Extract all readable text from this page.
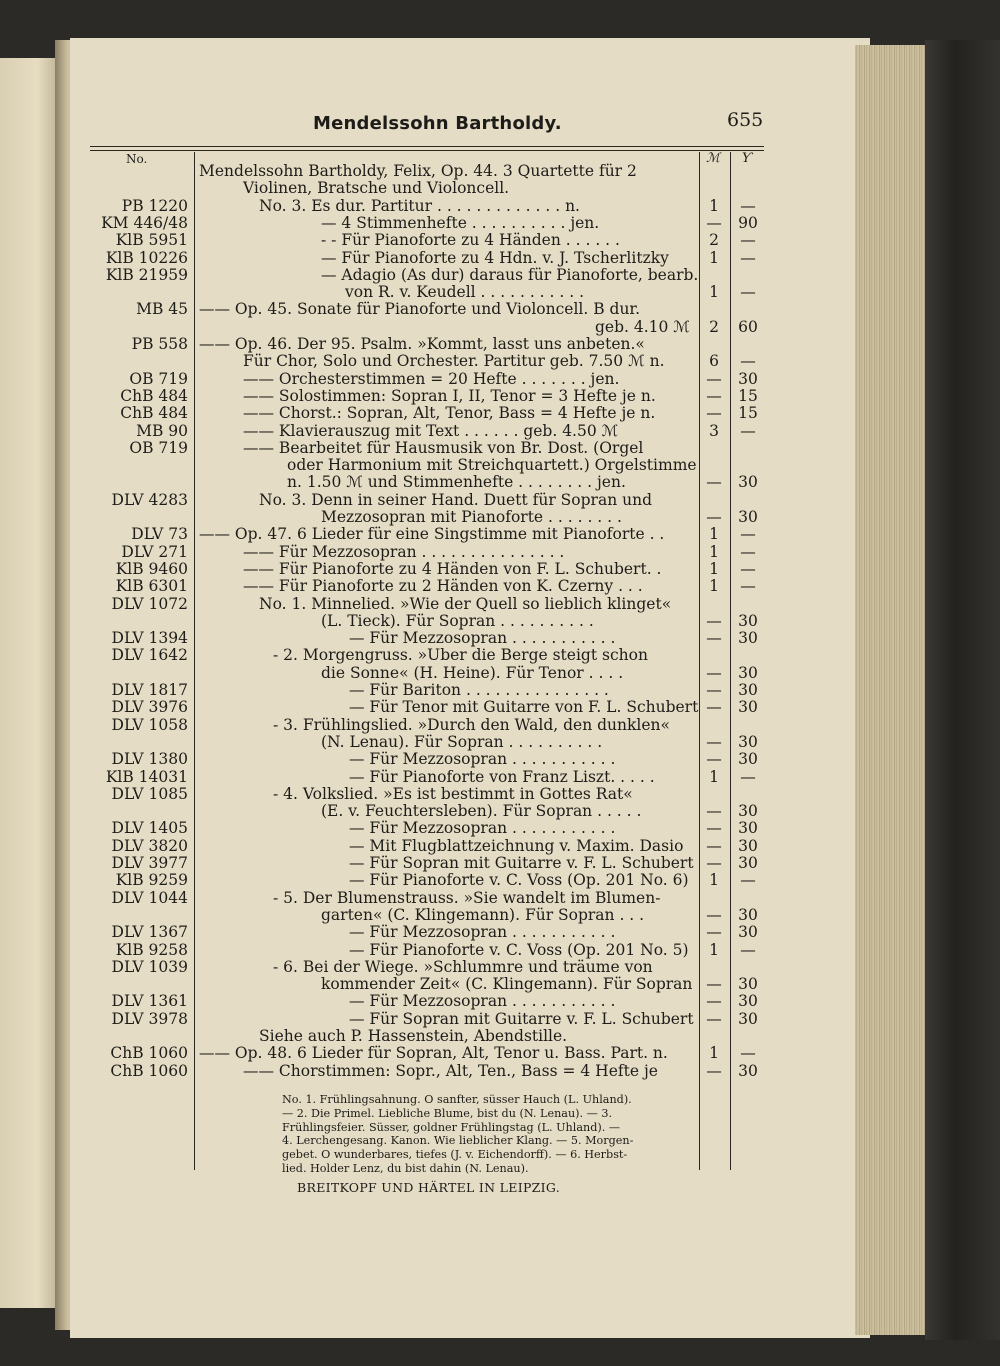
Mendelssohn Bartholdy.	655
No.	ℳ Ƴ
Mendelssohn Bartholdy, Felix, Op. 44. 3 Quartette für 2
Violinen, Bratsche und Violoncell.
PB 1220	No. 3. Es dur. Partitur . . . . . . . . . . . . . n.	1	—
KM 446/48	— 4 Stimmenhefte . . . . . . . . . . jen.	—	90
KlB 5951	- - Für Pianoforte zu 4 Händen . . . . . .	2	—
KlB 10226	— Für Pianoforte zu 4 Hdn. v. J. Tscherlitzky	1	—
KlB 21959	— Adagio (As dur) daraus für Pianoforte, bearb.
von R. v. Keudell . . . . . . . . . . .	1	—
MB 45 —— Op. 45. Sonate für Pianoforte und Violoncell. B dur.
geb. 4.10 ℳ	2	60
PB 558 —— Op. 46. Der 95. Psalm. »Kommt, lasst uns anbeten.«
Für Chor, Solo und Orchester. Partitur geb. 7.50 ℳ n.	6	—
OB 719	—— Orchesterstimmen = 20 Hefte . . . . . . . jen.	—	30
ChB 484	—— Solostimmen: Sopran I, II, Tenor = 3 Hefte je n.	—	15
ChB 484	—— Chorst.: Sopran, Alt, Tenor, Bass = 4 Hefte je n.	—	15
MB 90	—— Klavierauszug mit Text . . . . . . geb. 4.50 ℳ	3	—
OB 719	—— Bearbeitet für Hausmusik von Br. Dost. (Orgel
oder Harmonium mit Streichquartett.) Orgelstimme
n. 1.50 ℳ und Stimmenhefte . . . . . . . . jen.	—	30
DLV 4283	No. 3. Denn in seiner Hand. Duett für Sopran und
Mezzosopran mit Pianoforte . . . . . . . .	—	30
DLV 73 —— Op. 47. 6 Lieder für eine Singstimme mit Pianoforte . .	1	—
DLV 271	—— Für Mezzosopran . . . . . . . . . . . . . . .	1	—
KlB 9460	—— Für Pianoforte zu 4 Händen von F. L. Schubert. .	1	—
KlB 6301	—— Für Pianoforte zu 2 Händen von K. Czerny . . .	1	—
DLV 1072	No. 1. Minnelied. »Wie der Quell so lieblich klinget«
(L. Tieck). Für Sopran . . . . . . . . . .	—	30
DLV 1394	— Für Mezzosopran . . . . . . . . . . .	—	30
DLV 1642	- 2. Morgengruss. »Uber die Berge steigt schon
die Sonne« (H. Heine). Für Tenor . . . .	—	30
DLV 1817	— Für Bariton . . . . . . . . . . . . . . .	—	30
DLV 3976	— Für Tenor mit Guitarre von F. L. Schubert —	30
DLV 1058	- 3. Frühlingslied. »Durch den Wald, den dunklen«
(N. Lenau). Für Sopran . . . . . . . . . .	—	30
DLV 1380	— Für Mezzosopran . . . . . . . . . . .	—	30
KlB 14031	— Für Pianoforte von Franz Liszt. . . . .	1	—
DLV 1085	- 4. Volkslied. »Es ist bestimmt in Gottes Rat«
(E. v. Feuchtersleben). Für Sopran . . . . .	—	30
DLV 1405	— Für Mezzosopran . . . . . . . . . . .	—	30
DLV 3820	— Mit Flugblattzeichnung v. Maxim. Dasio —	30
DLV 3977	— Für Sopran mit Guitarre v. F. L. Schubert —	30
KlB 9259	— Für Pianoforte v. C. Voss (Op. 201 No. 6)	1	—
DLV 1044	- 5. Der Blumenstrauss. »Sie wandelt im Blumen-
garten« (C. Klingemann). Für Sopran . . .	—	30
DLV 1367	— Für Mezzosopran . . . . . . . . . . .	—	30
KlB 9258	— Für Pianoforte v. C. Voss (Op. 201 No. 5)	1	—
DLV 1039	- 6. Bei der Wiege. »Schlummre und träume von
kommender Zeit« (C. Klingemann). Für Sopran —	30
DLV 1361	— Für Mezzosopran . . . . . . . . . . .	—	30
DLV 3978	— Für Sopran mit Guitarre v. F. L. Schubert —	30
Siehe auch P. Hassenstein, Abendstille.
ChB 1060 —— Op. 48. 6 Lieder für Sopran, Alt, Tenor u. Bass. Part. n.	1	—
ChB 1060	—— Chorstimmen: Sopr., Alt, Ten., Bass = 4 Hefte je	—	30
No. 1. Frühlingsahnung. O sanfter, süsser Hauch (L. Uhland).
— 2. Die Primel. Liebliche Blume, bist du (N. Lenau). — 3.
Frühlingsfeier. Süsser, goldner Frühlingstag (L. Uhland). —
4. Lerchengesang. Kanon. Wie lieblicher Klang. — 5. Morgen-
gebet. O wunderbares, tiefes (J. v. Eichendorff). — 6. Herbst-
lied. Holder Lenz, du bist dahin (N. Lenau).

BREITKOPF UND HÄRTEL IN LEIPZIG.
